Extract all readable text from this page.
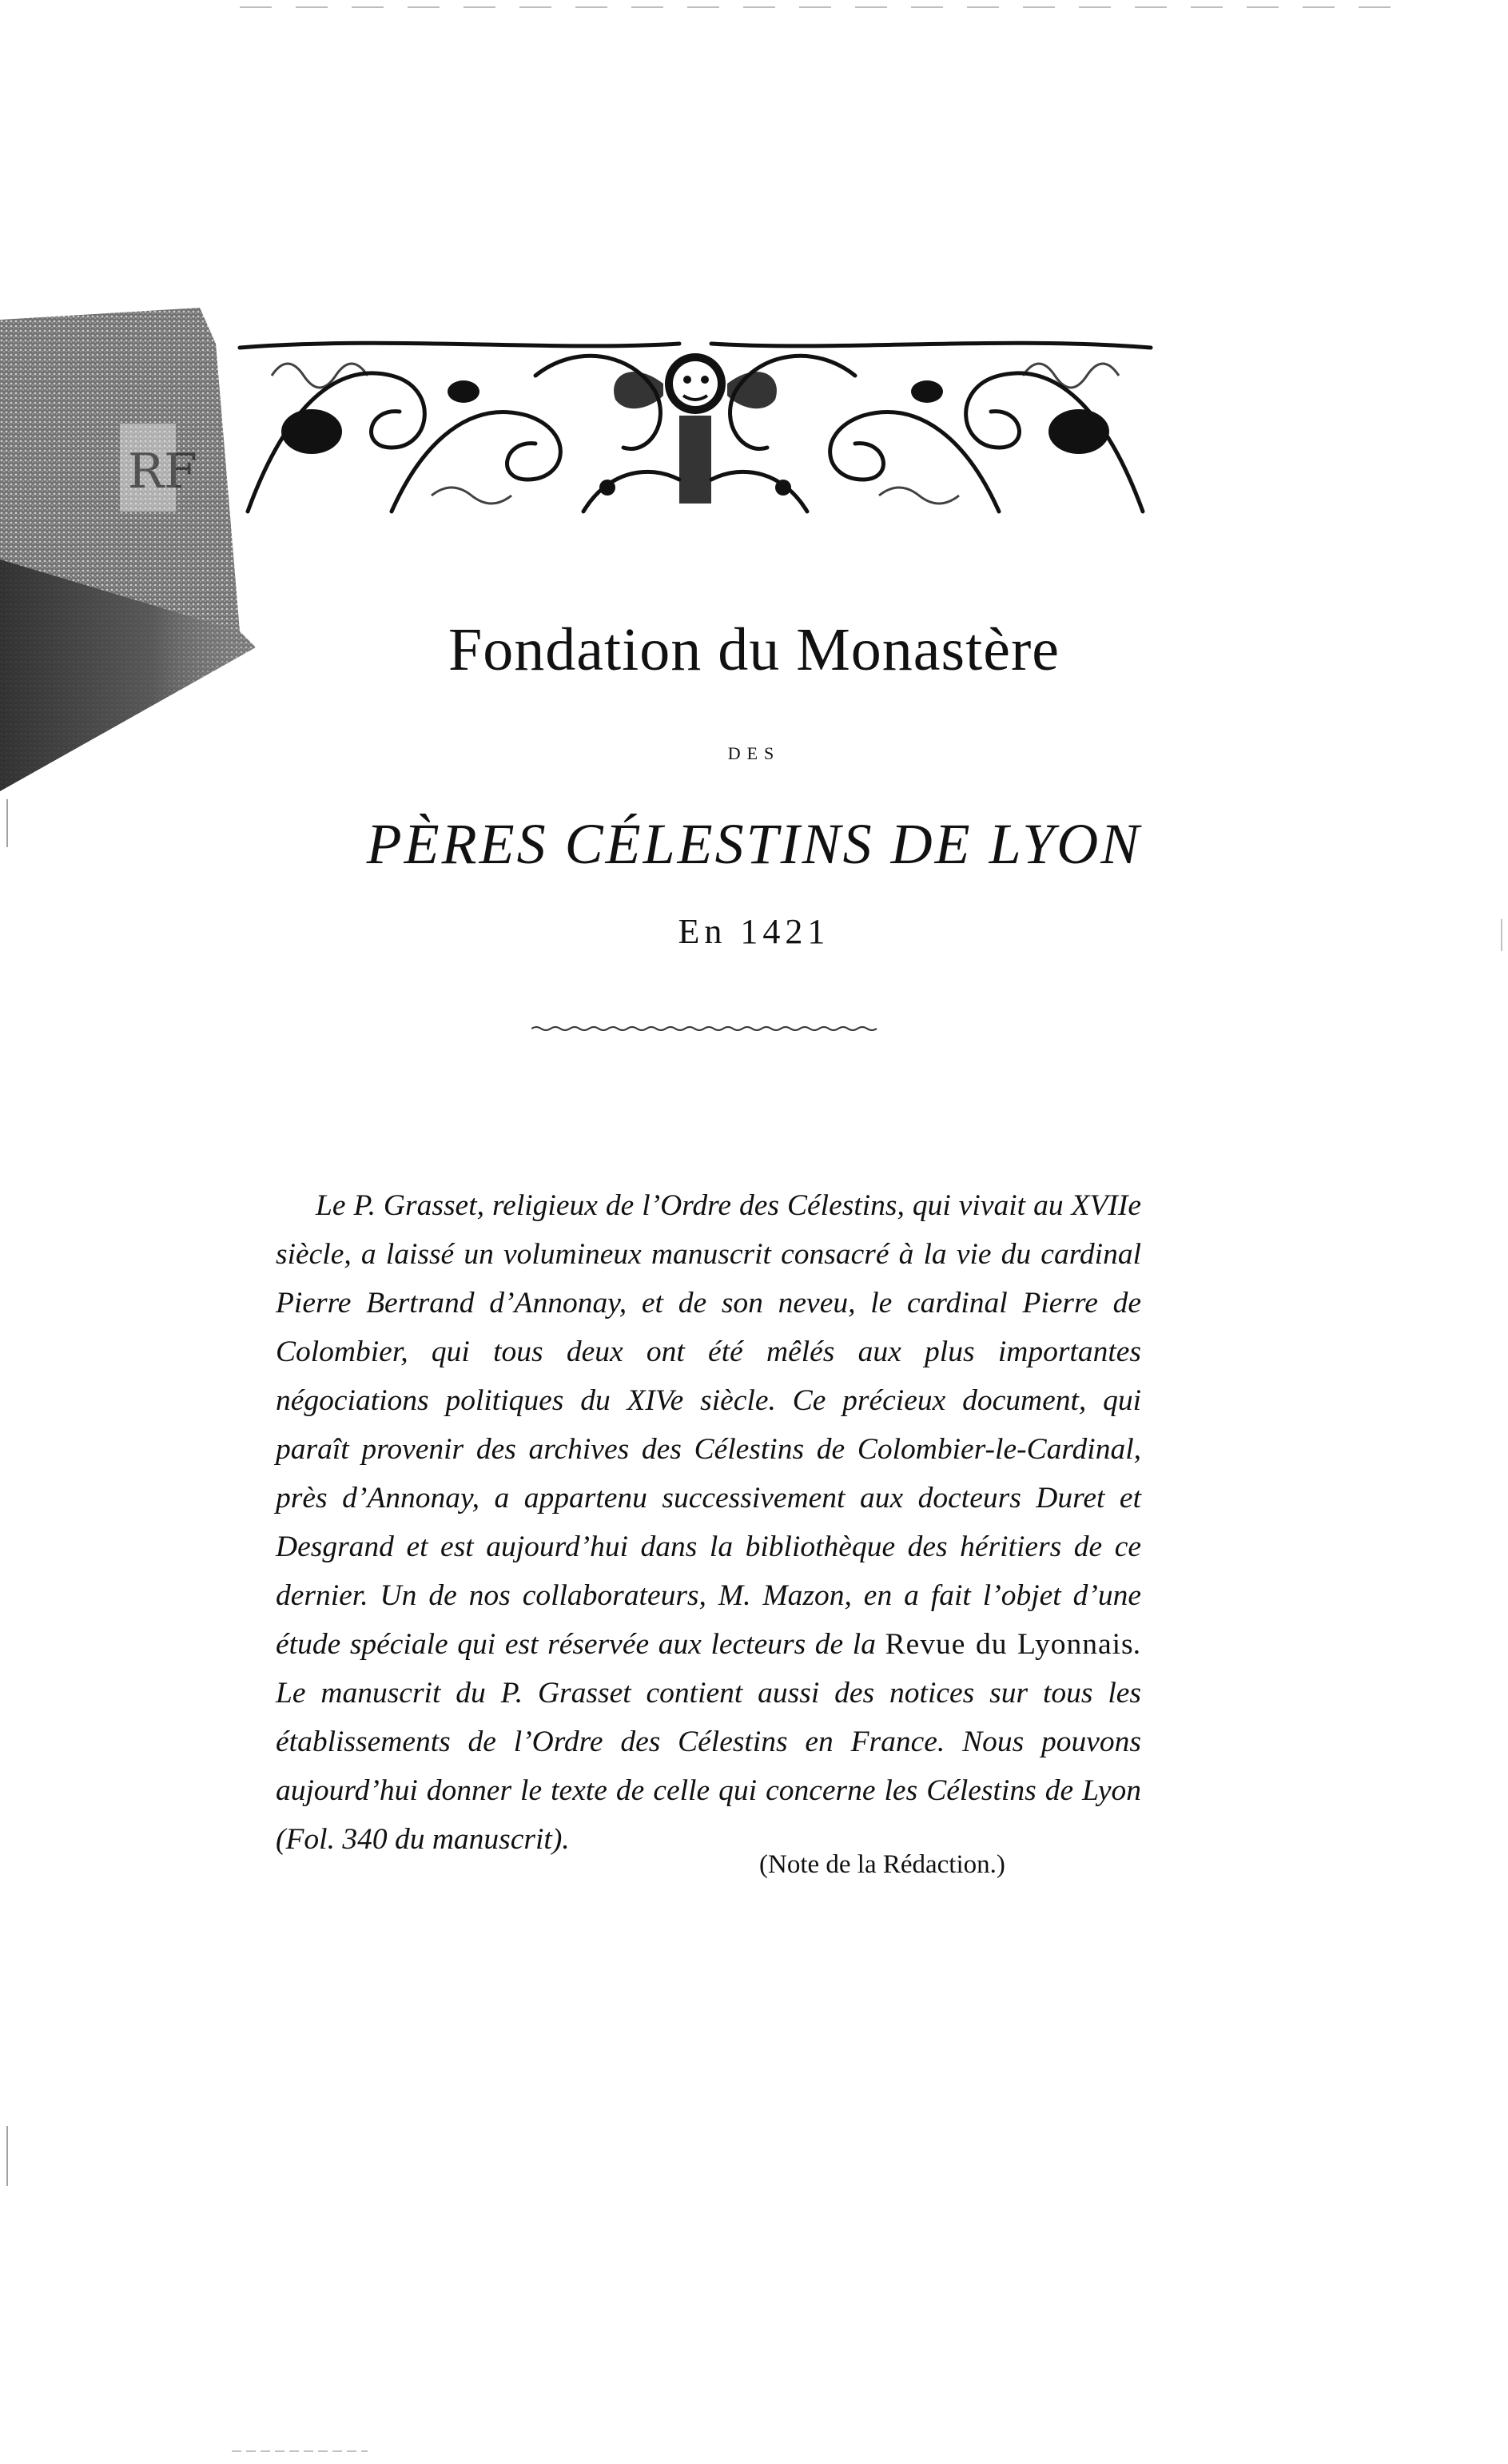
RF
Fondation du Monastère
DES
PÈRES CÉLESTINS DE LYON
En 1421

Le P. Grasset, religieux de l’Ordre des Célestins, qui vivait au XVIIe siècle, a laissé un volumineux manuscrit consacré à la vie du cardinal Pierre Bertrand d’Annonay, et de son neveu, le cardinal Pierre de Colombier, qui tous deux ont été mêlés aux plus importantes négociations politiques du XIVe siècle. Ce précieux document, qui paraît provenir des archives des Célestins de Colombier-le-Cardinal, près d’Annonay, a appartenu successivement aux docteurs Duret et Desgrand et est aujourd’hui dans la bibliothèque des héritiers de ce dernier. Un de nos collaborateurs, M. Mazon, en a fait l’objet d’une étude spéciale qui est réservée aux lecteurs de la Revue du Lyonnais. Le manuscrit du P. Grasset contient aussi des notices sur tous les établissements de l’Ordre des Célestins en France. Nous pouvons aujourd’hui donner le texte de celle qui concerne les Célestins de Lyon (Fol. 340 du manuscrit).

(Note de la Rédaction.)
